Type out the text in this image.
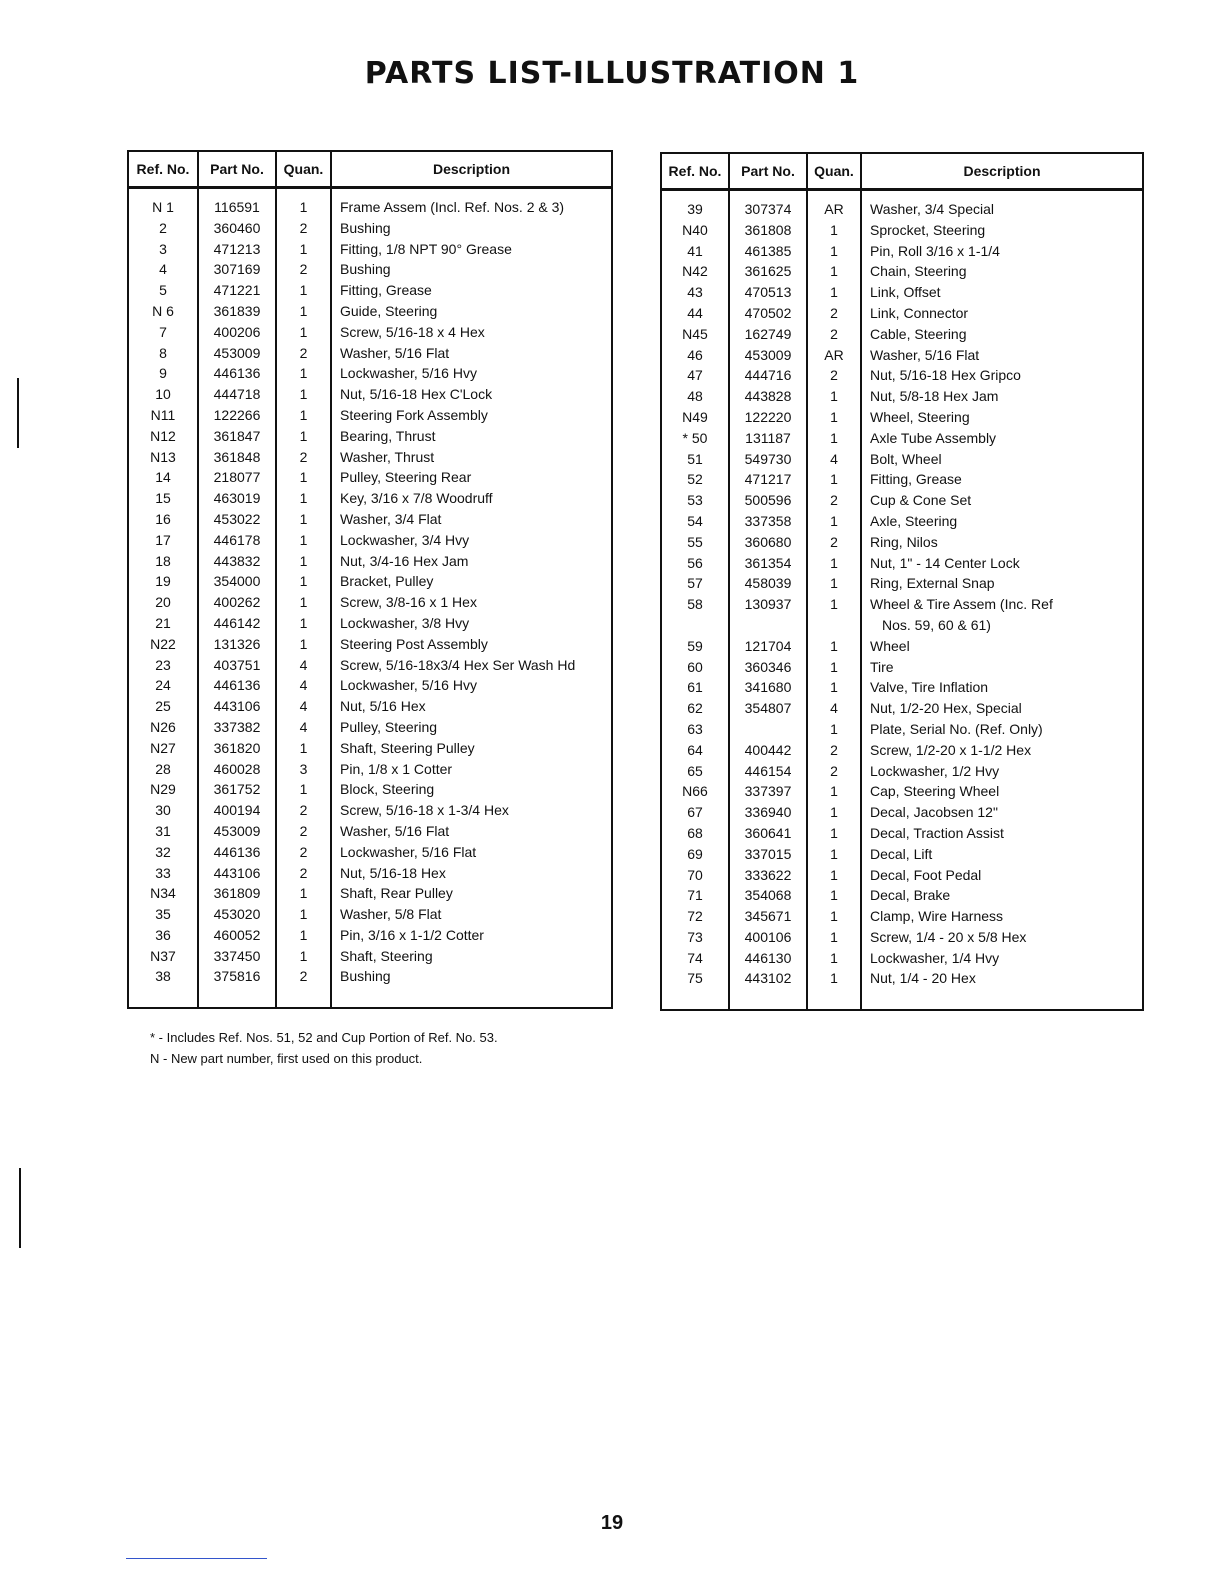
PARTS LIST-ILLUSTRATION 1
Ref. No.	Part No.	Quan.	Description

N 1	116591	1	Frame Assem (Incl. Ref. Nos. 2 & 3)
2	360460	2	Bushing
3	471213	1	Fitting, 1/8 NPT 90° Grease
4	307169	2	Bushing
5	471221	1	Fitting, Grease
N 6	361839	1	Guide, Steering
7	400206	1	Screw, 5/16-18 x 4 Hex
8	453009	2	Washer, 5/16 Flat
9	446136	1	Lockwasher, 5/16 Hvy
10	444718	1	Nut, 5/16-18 Hex C'Lock
N11	122266	1	Steering Fork Assembly
N12	361847	1	Bearing, Thrust
N13	361848	2	Washer, Thrust
14	218077	1	Pulley, Steering Rear
15	463019	1	Key, 3/16 x 7/8 Woodruff
16	453022	1	Washer, 3/4 Flat
17	446178	1	Lockwasher, 3/4 Hvy
18	443832	1	Nut, 3/4-16 Hex Jam
19	354000	1	Bracket, Pulley
20	400262	1	Screw, 3/8-16 x 1 Hex
21	446142	1	Lockwasher, 3/8 Hvy
N22	131326	1	Steering Post Assembly
23	403751	4	Screw, 5/16-18x3/4 Hex Ser Wash Hd
24	446136	4	Lockwasher, 5/16 Hvy
25	443106	4	Nut, 5/16 Hex
N26	337382	4	Pulley, Steering
N27	361820	1	Shaft, Steering Pulley
28	460028	3	Pin, 1/8 x 1 Cotter
N29	361752	1	Block, Steering
30	400194	2	Screw, 5/16-18 x 1-3/4 Hex
31	453009	2	Washer, 5/16 Flat
32	446136	2	Lockwasher, 5/16 Flat
33	443106	2	Nut, 5/16-18 Hex
N34	361809	1	Shaft, Rear Pulley
35	453020	1	Washer, 5/8 Flat
36	460052	1	Pin, 3/16 x 1-1/2 Cotter
N37	337450	1	Shaft, Steering
38	375816	2	Bushing

Ref. No.	Part No.	Quan.	Description

39	307374	AR	Washer, 3/4 Special
N40	361808	1	Sprocket, Steering
41	461385	1	Pin, Roll 3/16 x 1-1/4
N42	361625	1	Chain, Steering
43	470513	1	Link, Offset
44	470502	2	Link, Connector
N45	162749	2	Cable, Steering
46	453009	AR	Washer, 5/16 Flat
47	444716	2	Nut, 5/16-18 Hex Gripco
48	443828	1	Nut, 5/8-18 Hex Jam
N49	122220	1	Wheel, Steering
* 50	131187	1	Axle Tube Assembly
51	549730	4	Bolt, Wheel
52	471217	1	Fitting, Grease
53	500596	2	Cup & Cone Set
54	337358	1	Axle, Steering
55	360680	2	Ring, Nilos
56	361354	1	Nut, 1" - 14 Center Lock
57	458039	1	Ring, External Snap
58	130937	1	Wheel & Tire Assem (Inc. Ref
			Nos. 59, 60 & 61)
59	121704	1	Wheel
60	360346	1	Tire
61	341680	1	Valve, Tire Inflation
62	354807	4	Nut, 1/2-20 Hex, Special
63		1	Plate, Serial No. (Ref. Only)
64	400442	2	Screw, 1/2-20 x 1-1/2 Hex
65	446154	2	Lockwasher, 1/2 Hvy
N66	337397	1	Cap, Steering Wheel
67	336940	1	Decal, Jacobsen 12"
68	360641	1	Decal, Traction Assist
69	337015	1	Decal, Lift
70	333622	1	Decal, Foot Pedal
71	354068	1	Decal, Brake
72	345671	1	Clamp, Wire Harness
73	400106	1	Screw, 1/4 - 20 x 5/8 Hex
74	446130	1	Lockwasher, 1/4 Hvy
75	443102	1	Nut, 1/4 - 20 Hex

* - Includes Ref. Nos. 51, 52 and Cup Portion of Ref. No. 53.
N - New part number, first used on this product.
19
